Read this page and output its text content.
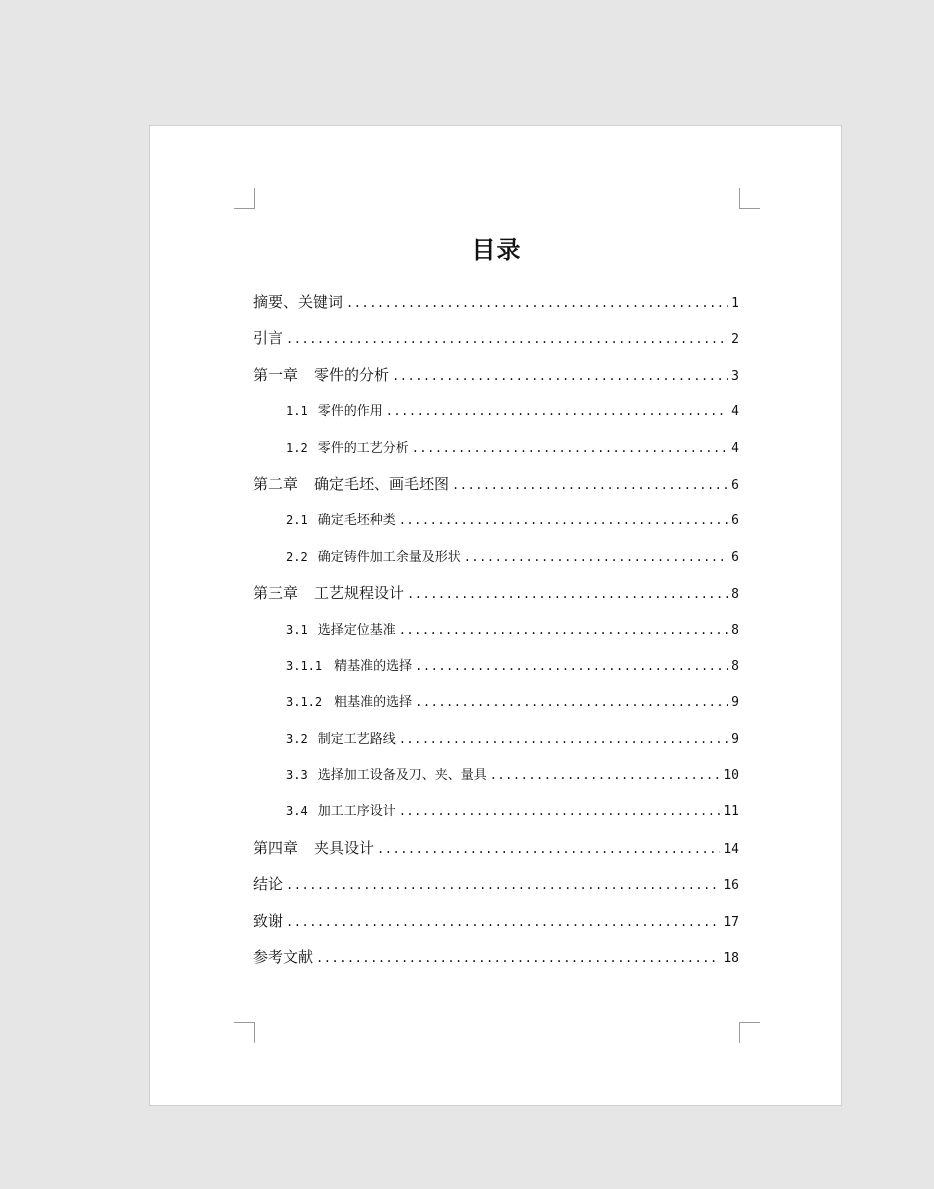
目录
摘要、关键词 .....	1
引言 .....	2
第一章 零件的分析 .....	3
1.1 零件的作用 .....	4
1.2 零件的工艺分析 .....	4
第二章 确定毛坯、画毛坯图 .....	6
2.1 确定毛坯种类 .....	6
2.2 确定铸件加工余量及形状 .....	6
第三章 工艺规程设计 .....	8
3.1 选择定位基准 .....	8
3.1.1 精基准的选择 .....	8
3.1.2 粗基准的选择 .....	9
3.2 制定工艺路线 .....	9
3.3 选择加工设备及刀、夹、量具 .....	10
3.4 加工工序设计 .....	11
第四章 夹具设计 .....	14
结论 .....	16
致谢 .....	17
参考文献 .....	18
